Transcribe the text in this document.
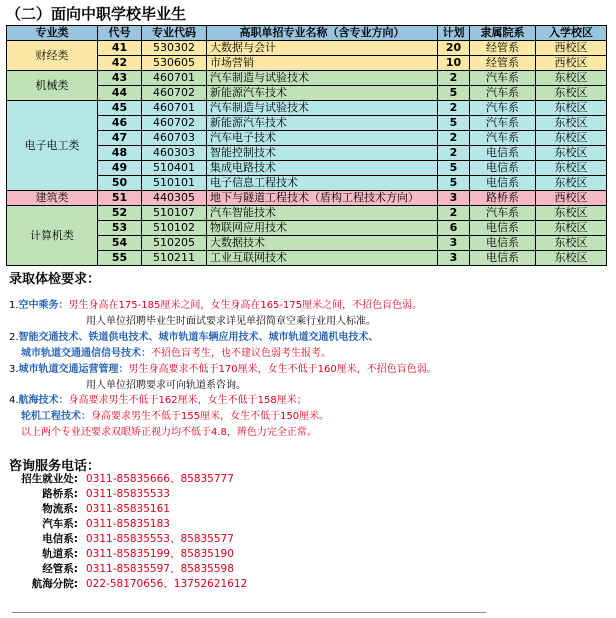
（二）面向中职学校毕业生
专业类	代号	专业代码	高职单招专业名称（含专业方向）	计划	隶属院系	入学校区
财经类	41	530302	大数据与会计	20	经管系	西校区
	42	530605	市场营销	10	经管系	西校区
机械类	43	460701	汽车制造与试验技术	2	汽车系	东校区
	44	460702	新能源汽车技术	5	汽车系	东校区
电子电工类	45	460701	汽车制造与试验技术	2	汽车系	东校区
	46	460702	新能源汽车技术	5	汽车系	东校区
	47	460703	汽车电子技术	2	汽车系	东校区
	48	460303	智能控制技术	2	电信系	东校区
	49	510401	集成电路技术	5	电信系	东校区
	50	510101	电子信息工程技术	5	电信系	东校区
建筑类	51	440305	地下与隧道工程技术（盾构工程技术方向）	3	路桥系	西校区
计算机类	52	510107	汽车智能技术	2	汽车系	东校区
	53	510102	物联网应用技术	6	电信系	东校区
	54	510205	大数据技术	3	电信系	东校区
	55	510211	工业互联网技术	3	电信系	东校区
录取体检要求：
1.空中乘务：男生身高在175-185厘米之间，女生身高在165-175厘米之间，不招色盲色弱。
用人单位招聘毕业生时面试要求详见单招简章空乘行业用人标准。
2.智能交通技术、铁道供电技术、城市轨道车辆应用技术、城市轨道交通机电技术、
城市轨道交通通信信号技术：不招色盲考生，也不建议色弱考生报考。
3.城市轨道交通运营管理：男生身高要求不低于170厘米，女生不低于160厘米，不招色盲色弱。
用人单位招聘要求可向轨道系咨询。
4.航海技术：身高要求男生不低于162厘米，女生不低于158厘米；
轮机工程技术：身高要求男生不低于155厘米，女生不低于150厘米。
以上两个专业还要求双眼矫正视力均不低于4.8，辨色力完全正常。
咨询服务电话：
招生就业处: 0311-85835666、85835777
路桥系: 0311-85835533
物流系: 0311-85835161
汽车系: 0311-85835183
电信系: 0311-85835553、85835577
轨道系: 0311-85835199、85835190
经管系: 0311-85835597、85835598
航海分院: 022-58170656、13752621612
